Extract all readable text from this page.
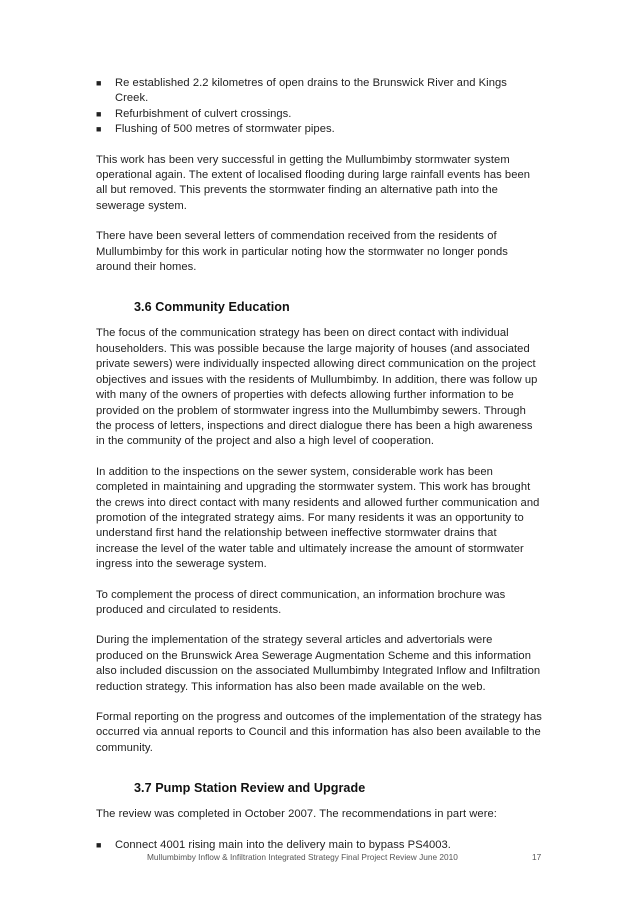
■ Re established 2.2 kilometres of open drains to the Brunswick River and Kings Creek.
■ Refurbishment of culvert crossings.
■ Flushing of 500 metres of stormwater pipes.

This work has been very successful in getting the Mullumbimby stormwater system operational again. The extent of localised flooding during large rainfall events has been all but removed. This prevents the stormwater finding an alternative path into the sewerage system.

There have been several letters of commendation received from the residents of Mullumbimby for this work in particular noting how the stormwater no longer ponds around their homes.

3.6 Community Education

The focus of the communication strategy has been on direct contact with individual householders. This was possible because the large majority of houses (and associated private sewers) were individually inspected allowing direct communication on the project objectives and issues with the residents of Mullumbimby. In addition, there was follow up with many of the owners of properties with defects allowing further information to be provided on the problem of stormwater ingress into the Mullumbimby sewers. Through the process of letters, inspections and direct dialogue there has been a high awareness in the community of the project and also a high level of cooperation.

In addition to the inspections on the sewer system, considerable work has been completed in maintaining and upgrading the stormwater system. This work has brought the crews into direct contact with many residents and allowed further communication and promotion of the integrated strategy aims. For many residents it was an opportunity to understand first hand the relationship between ineffective stormwater drains that increase the level of the water table and ultimately increase the amount of stormwater ingress into the sewerage system.

To complement the process of direct communication, an information brochure was produced and circulated to residents.

During the implementation of the strategy several articles and advertorials were produced on the Brunswick Area Sewerage Augmentation Scheme and this information also included discussion on the associated Mullumbimby Integrated Inflow and Infiltration reduction strategy. This information has also been made available on the web.

Formal reporting on the progress and outcomes of the implementation of the strategy has occurred via annual reports to Council and this information has also been available to the community.

3.7 Pump Station Review and Upgrade

The review was completed in October 2007. The recommendations in part were:

■ Connect 4001 rising main into the delivery main to bypass PS4003.
Mullumbimby Inflow & Infiltration Integrated Strategy Final Project Review June 2010	17
